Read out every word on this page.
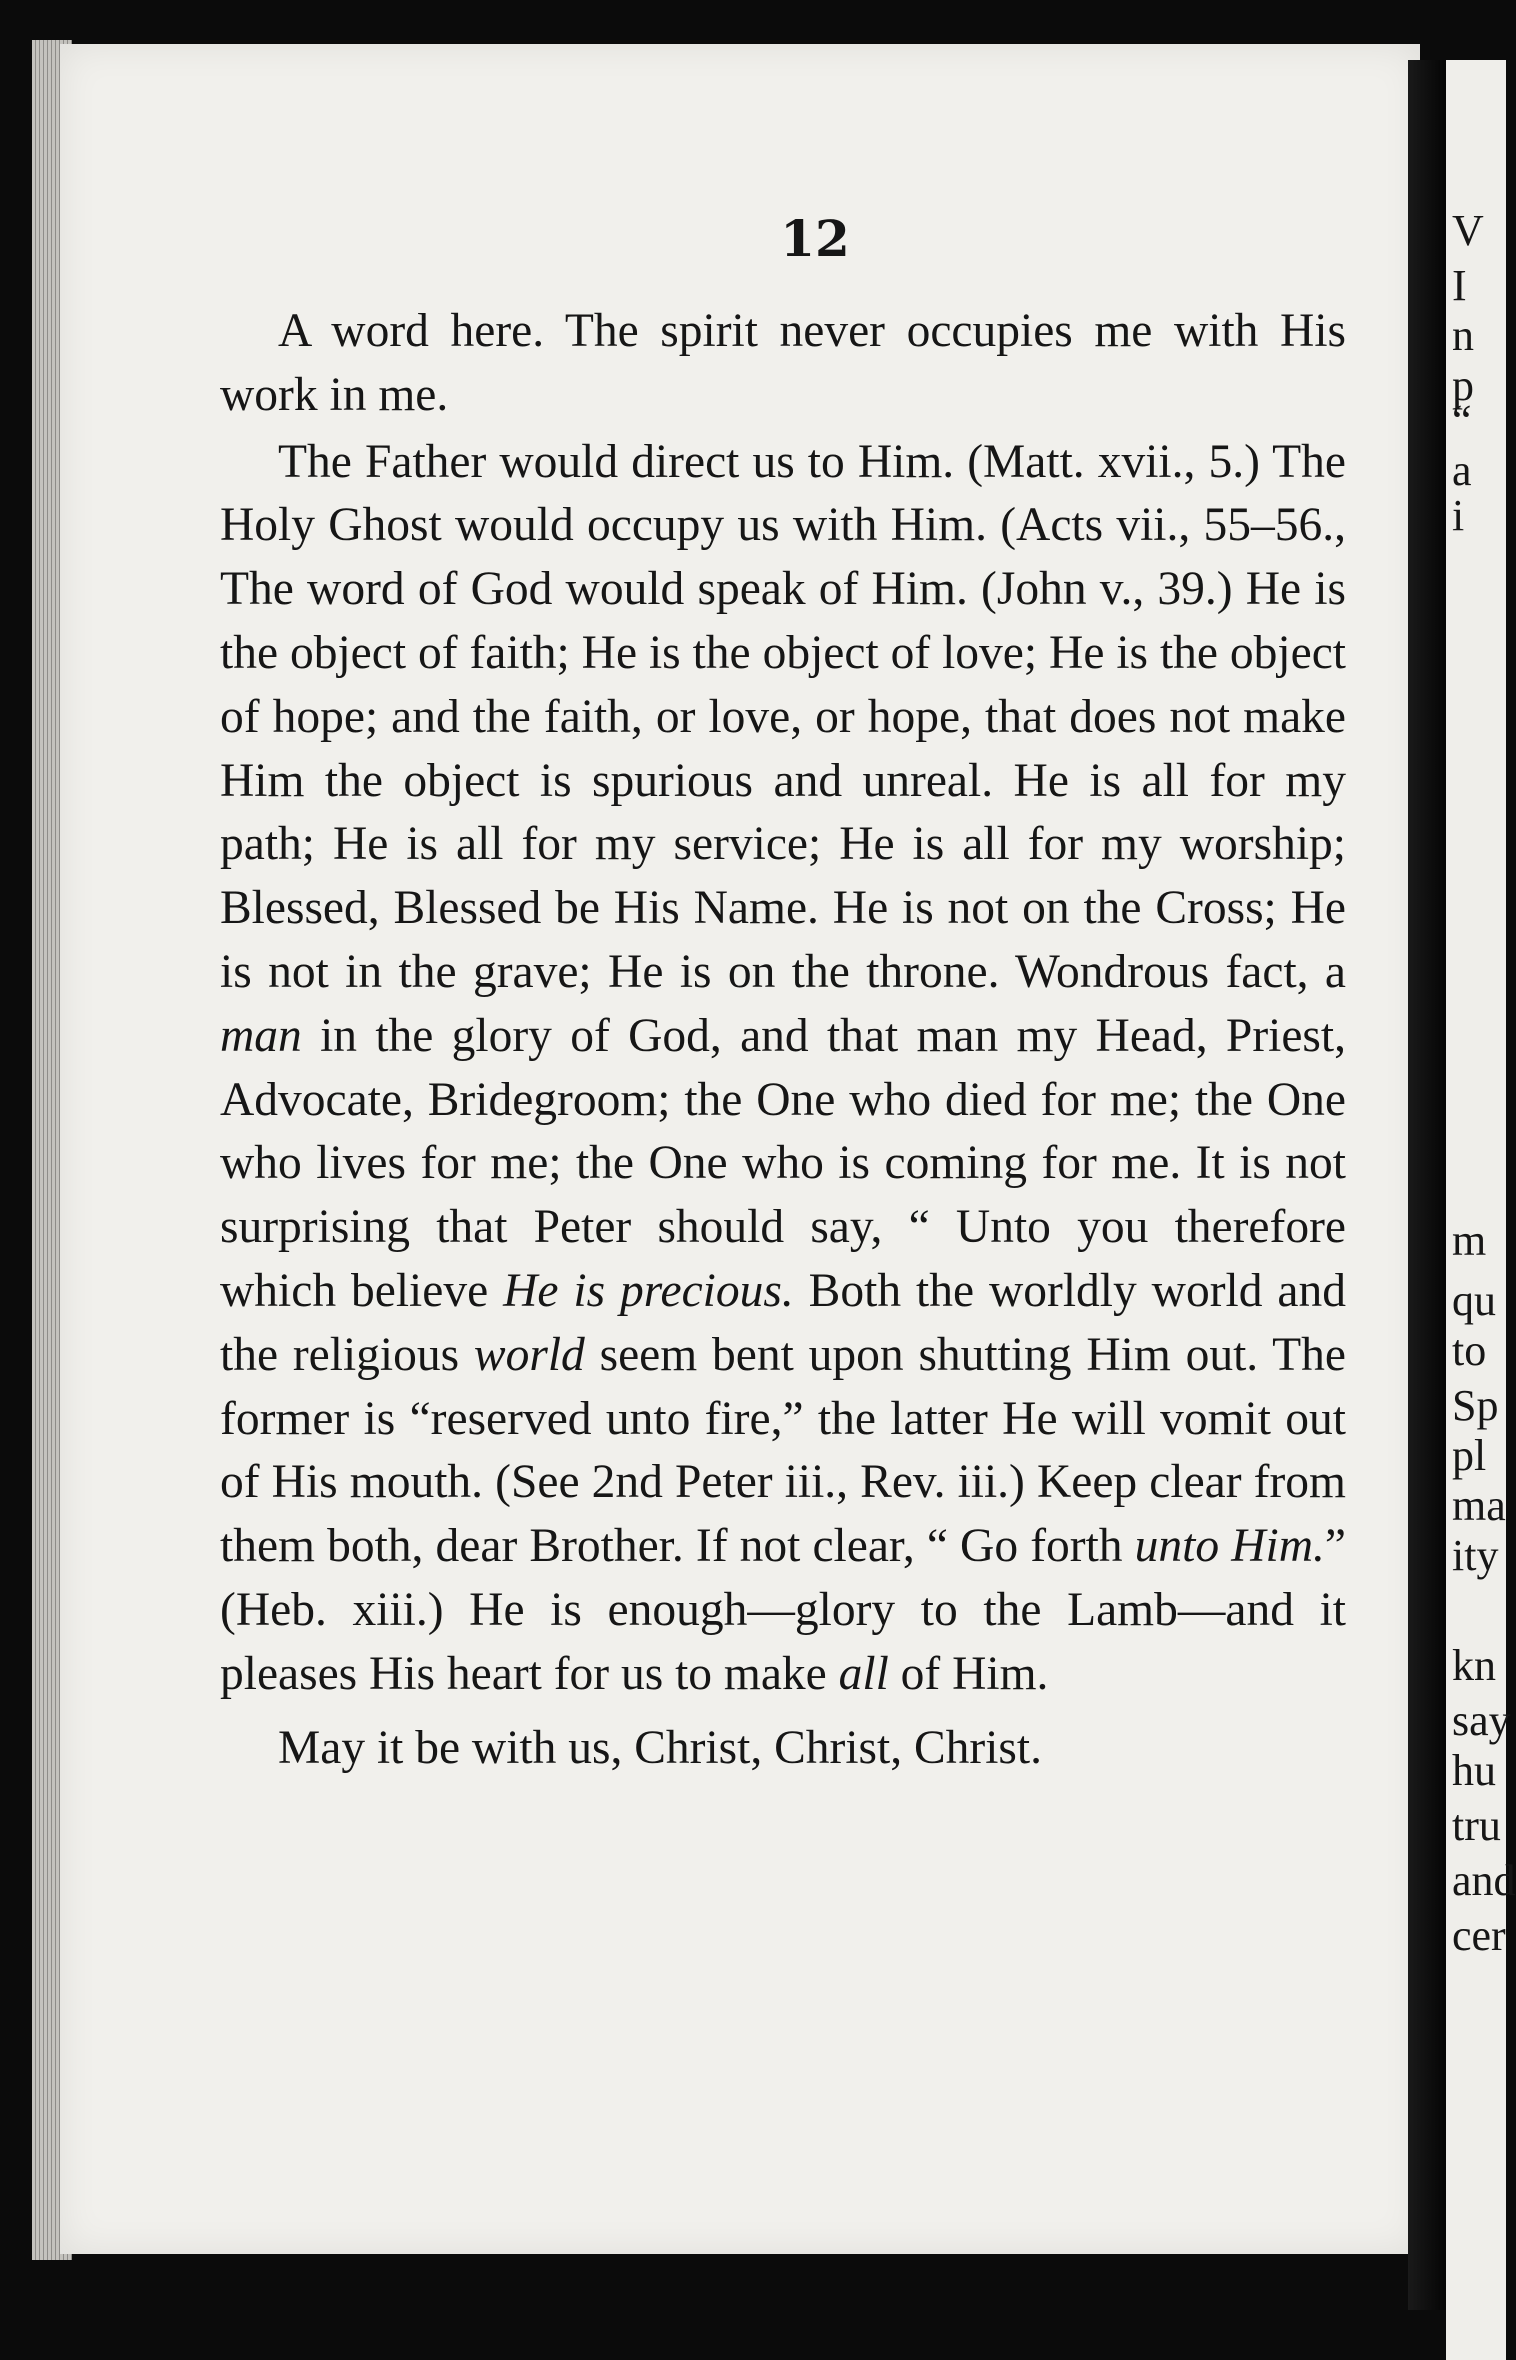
12

A word here. The spirit never occupies me with His work in me.

The Father would direct us to Him. (Matt. xvii., 5.) The Holy Ghost would occupy us with Him. (Acts vii., 55–56., The word of God would speak of Him. (John v., 39.) He is the object of faith; He is the object of love; He is the object of hope; and the faith, or love, or hope, that does not make Him the object is spurious and unreal. He is all for my path; He is all for my service; He is all for my worship; Blessed, Blessed be His Name. He is not on the Cross; He is not in the grave; He is on the throne. Wondrous fact, a man in the glory of God, and that man my Head, Priest, Advocate, Bridegroom; the One who died for me; the One who lives for me; the One who is coming for me. It is not surprising that Peter should say, “ Unto you therefore which believe He is precious. Both the worldly world and the religious world seem bent upon shutting Him out. The former is “reserved unto fire,” the latter He will vomit out of His mouth. (See 2nd Peter iii., Rev. iii.) Keep clear from them both, dear Brother. If not clear, “ Go forth unto Him.” (Heb. xiii.) He is enough—glory to the Lamb—and it pleases His heart for us to make all of Him.

May it be with us, Christ, Christ, Christ.

V
I
n
p
“
a
i
m
qu
to
Sp
pl
ma
ity
kn
say
hu
tru
and
cer
